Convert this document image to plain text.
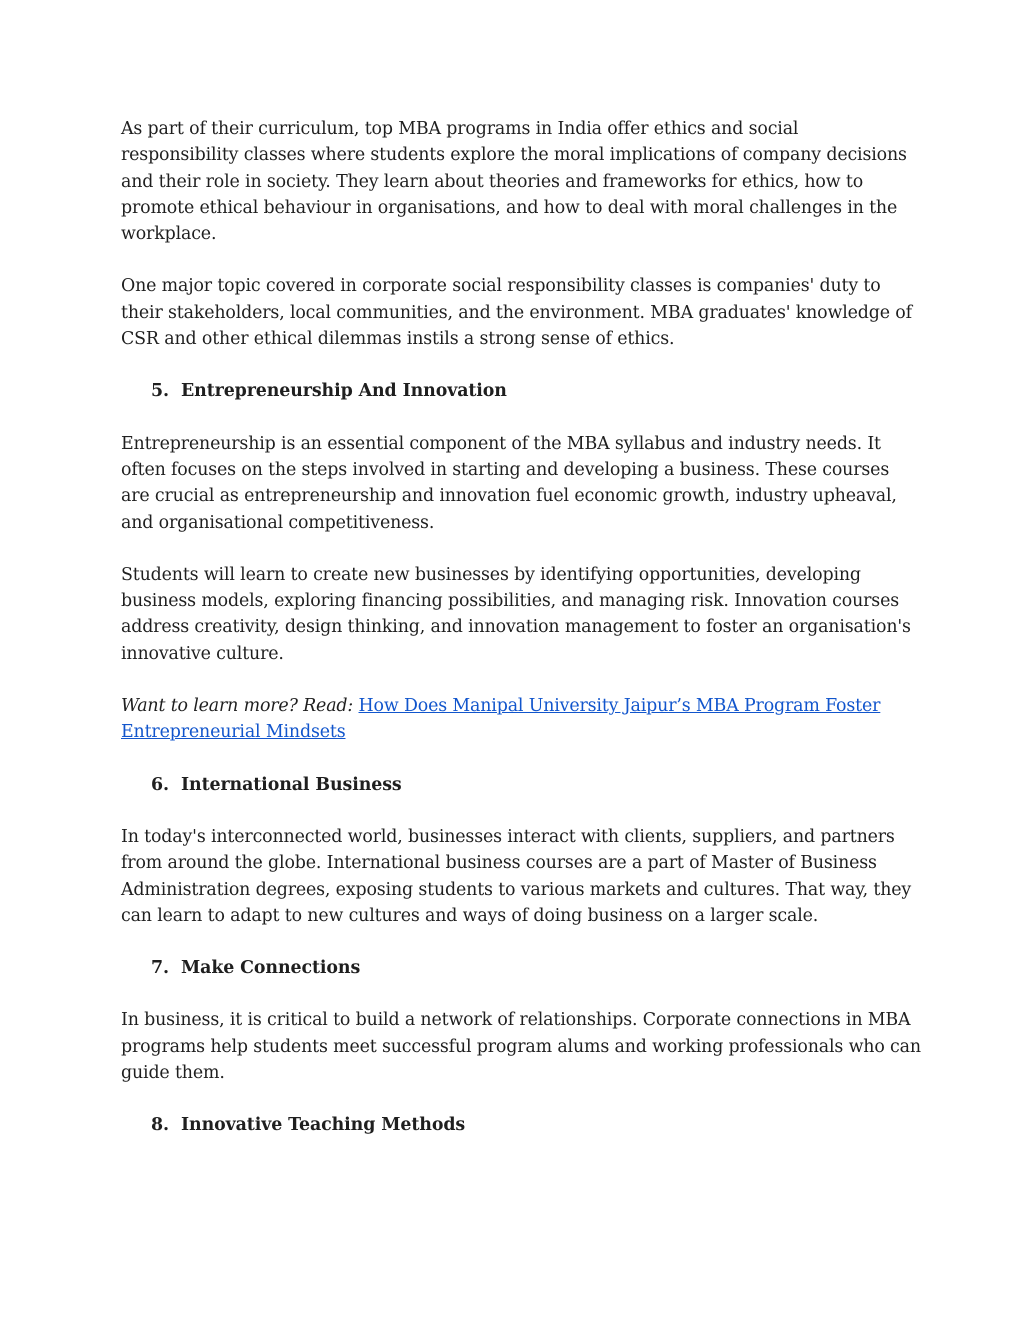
As part of their curriculum, top MBA programs in India offer ethics and social responsibility classes where students explore the moral implications of company decisions and their role in society. They learn about theories and frameworks for ethics, how to promote ethical behaviour in organisations, and how to deal with moral challenges in the workplace.

One major topic covered in corporate social responsibility classes is companies' duty to their stakeholders, local communities, and the environment. MBA graduates' knowledge of CSR and other ethical dilemmas instils a strong sense of ethics.

5. Entrepreneurship And Innovation

Entrepreneurship is an essential component of the MBA syllabus and industry needs. It often focuses on the steps involved in starting and developing a business. These courses are crucial as entrepreneurship and innovation fuel economic growth, industry upheaval, and organisational competitiveness.

Students will learn to create new businesses by identifying opportunities, developing business models, exploring financing possibilities, and managing risk. Innovation courses address creativity, design thinking, and innovation management to foster an organisation's innovative culture.

Want to learn more? Read: How Does Manipal University Jaipur’s MBA Program Foster Entrepreneurial Mindsets

6. International Business

In today's interconnected world, businesses interact with clients, suppliers, and partners from around the globe. International business courses are a part of Master of Business Administration degrees, exposing students to various markets and cultures. That way, they can learn to adapt to new cultures and ways of doing business on a larger scale.

7. Make Connections

In business, it is critical to build a network of relationships. Corporate connections in MBA programs help students meet successful program alums and working professionals who can guide them.

8. Innovative Teaching Methods
